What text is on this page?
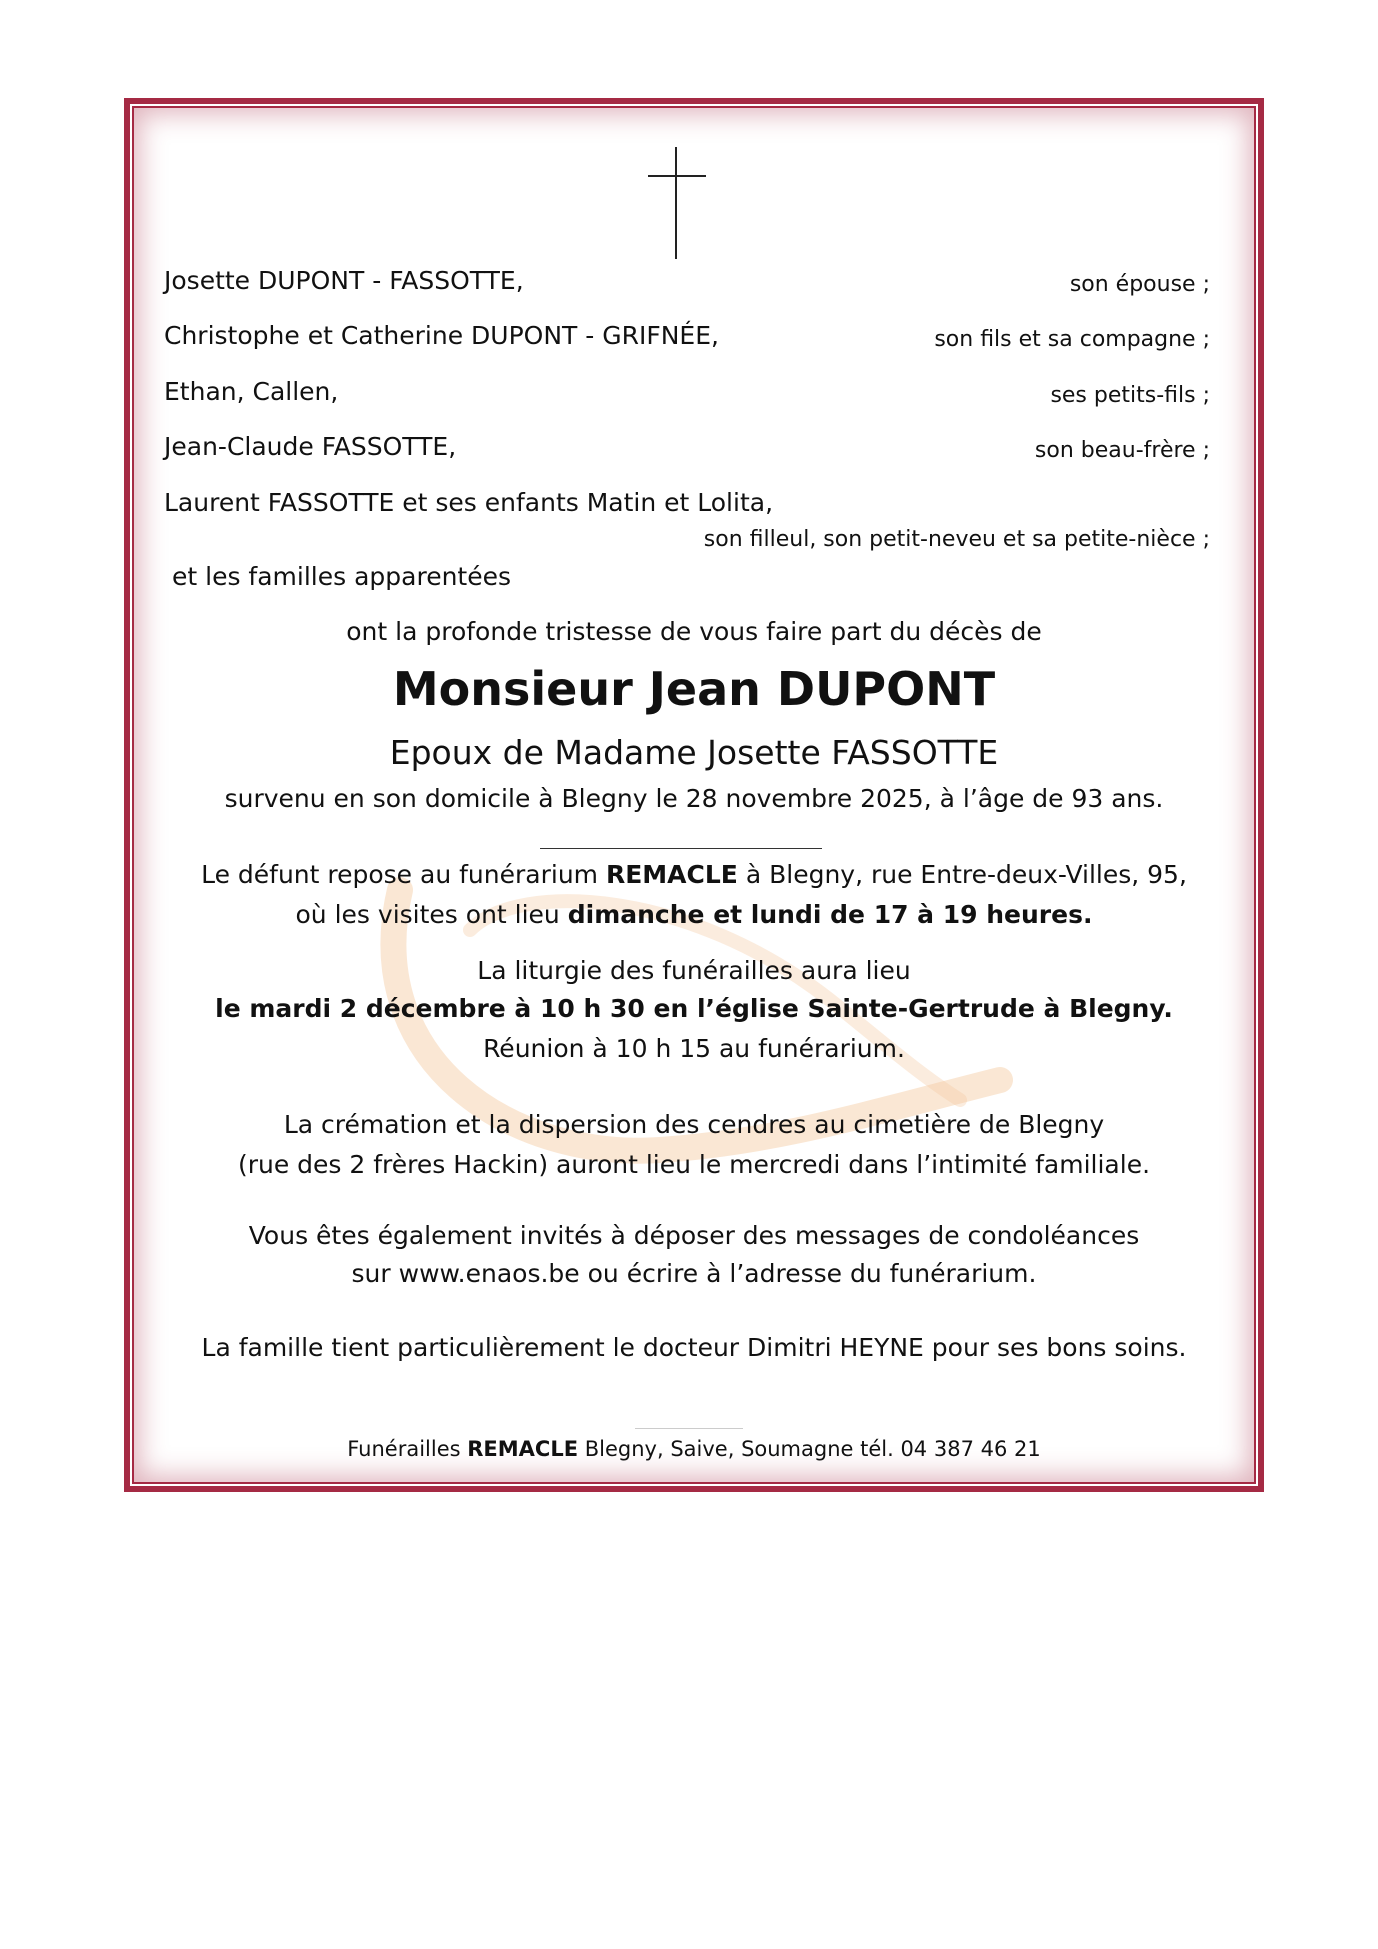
Josette DUPONT - FASSOTTE,	son épouse ;
Christophe et Catherine DUPONT - GRIFNÉE,	son fils et sa compagne ;
Ethan, Callen,	ses petits-fils ;
Jean-Claude FASSOTTE,	son beau-frère ;
Laurent FASSOTTE et ses enfants Matin et Lolita,
son filleul, son petit-neveu et sa petite-nièce ;
et les familles apparentées
ont la profonde tristesse de vous faire part du décès de
Monsieur Jean DUPONT
Epoux de Madame Josette FASSOTTE
survenu en son domicile à Blegny le 28 novembre 2025, à l’âge de 93 ans.
Le défunt repose au funérarium REMACLE à Blegny, rue Entre-deux-Villes, 95,
où les visites ont lieu dimanche et lundi de 17 à 19 heures.
La liturgie des funérailles aura lieu
le mardi 2 décembre à 10 h 30 en l’église Sainte-Gertrude à Blegny.
Réunion à 10 h 15 au funérarium.
La crémation et la dispersion des cendres au cimetière de Blegny
(rue des 2 frères Hackin) auront lieu le mercredi dans l’intimité familiale.
Vous êtes également invités à déposer des messages de condoléances
sur www.enaos.be ou écrire à l’adresse du funérarium.
La famille tient particulièrement le docteur Dimitri HEYNE pour ses bons soins.
Funérailles REMACLE Blegny, Saive, Soumagne tél. 04 387 46 21
